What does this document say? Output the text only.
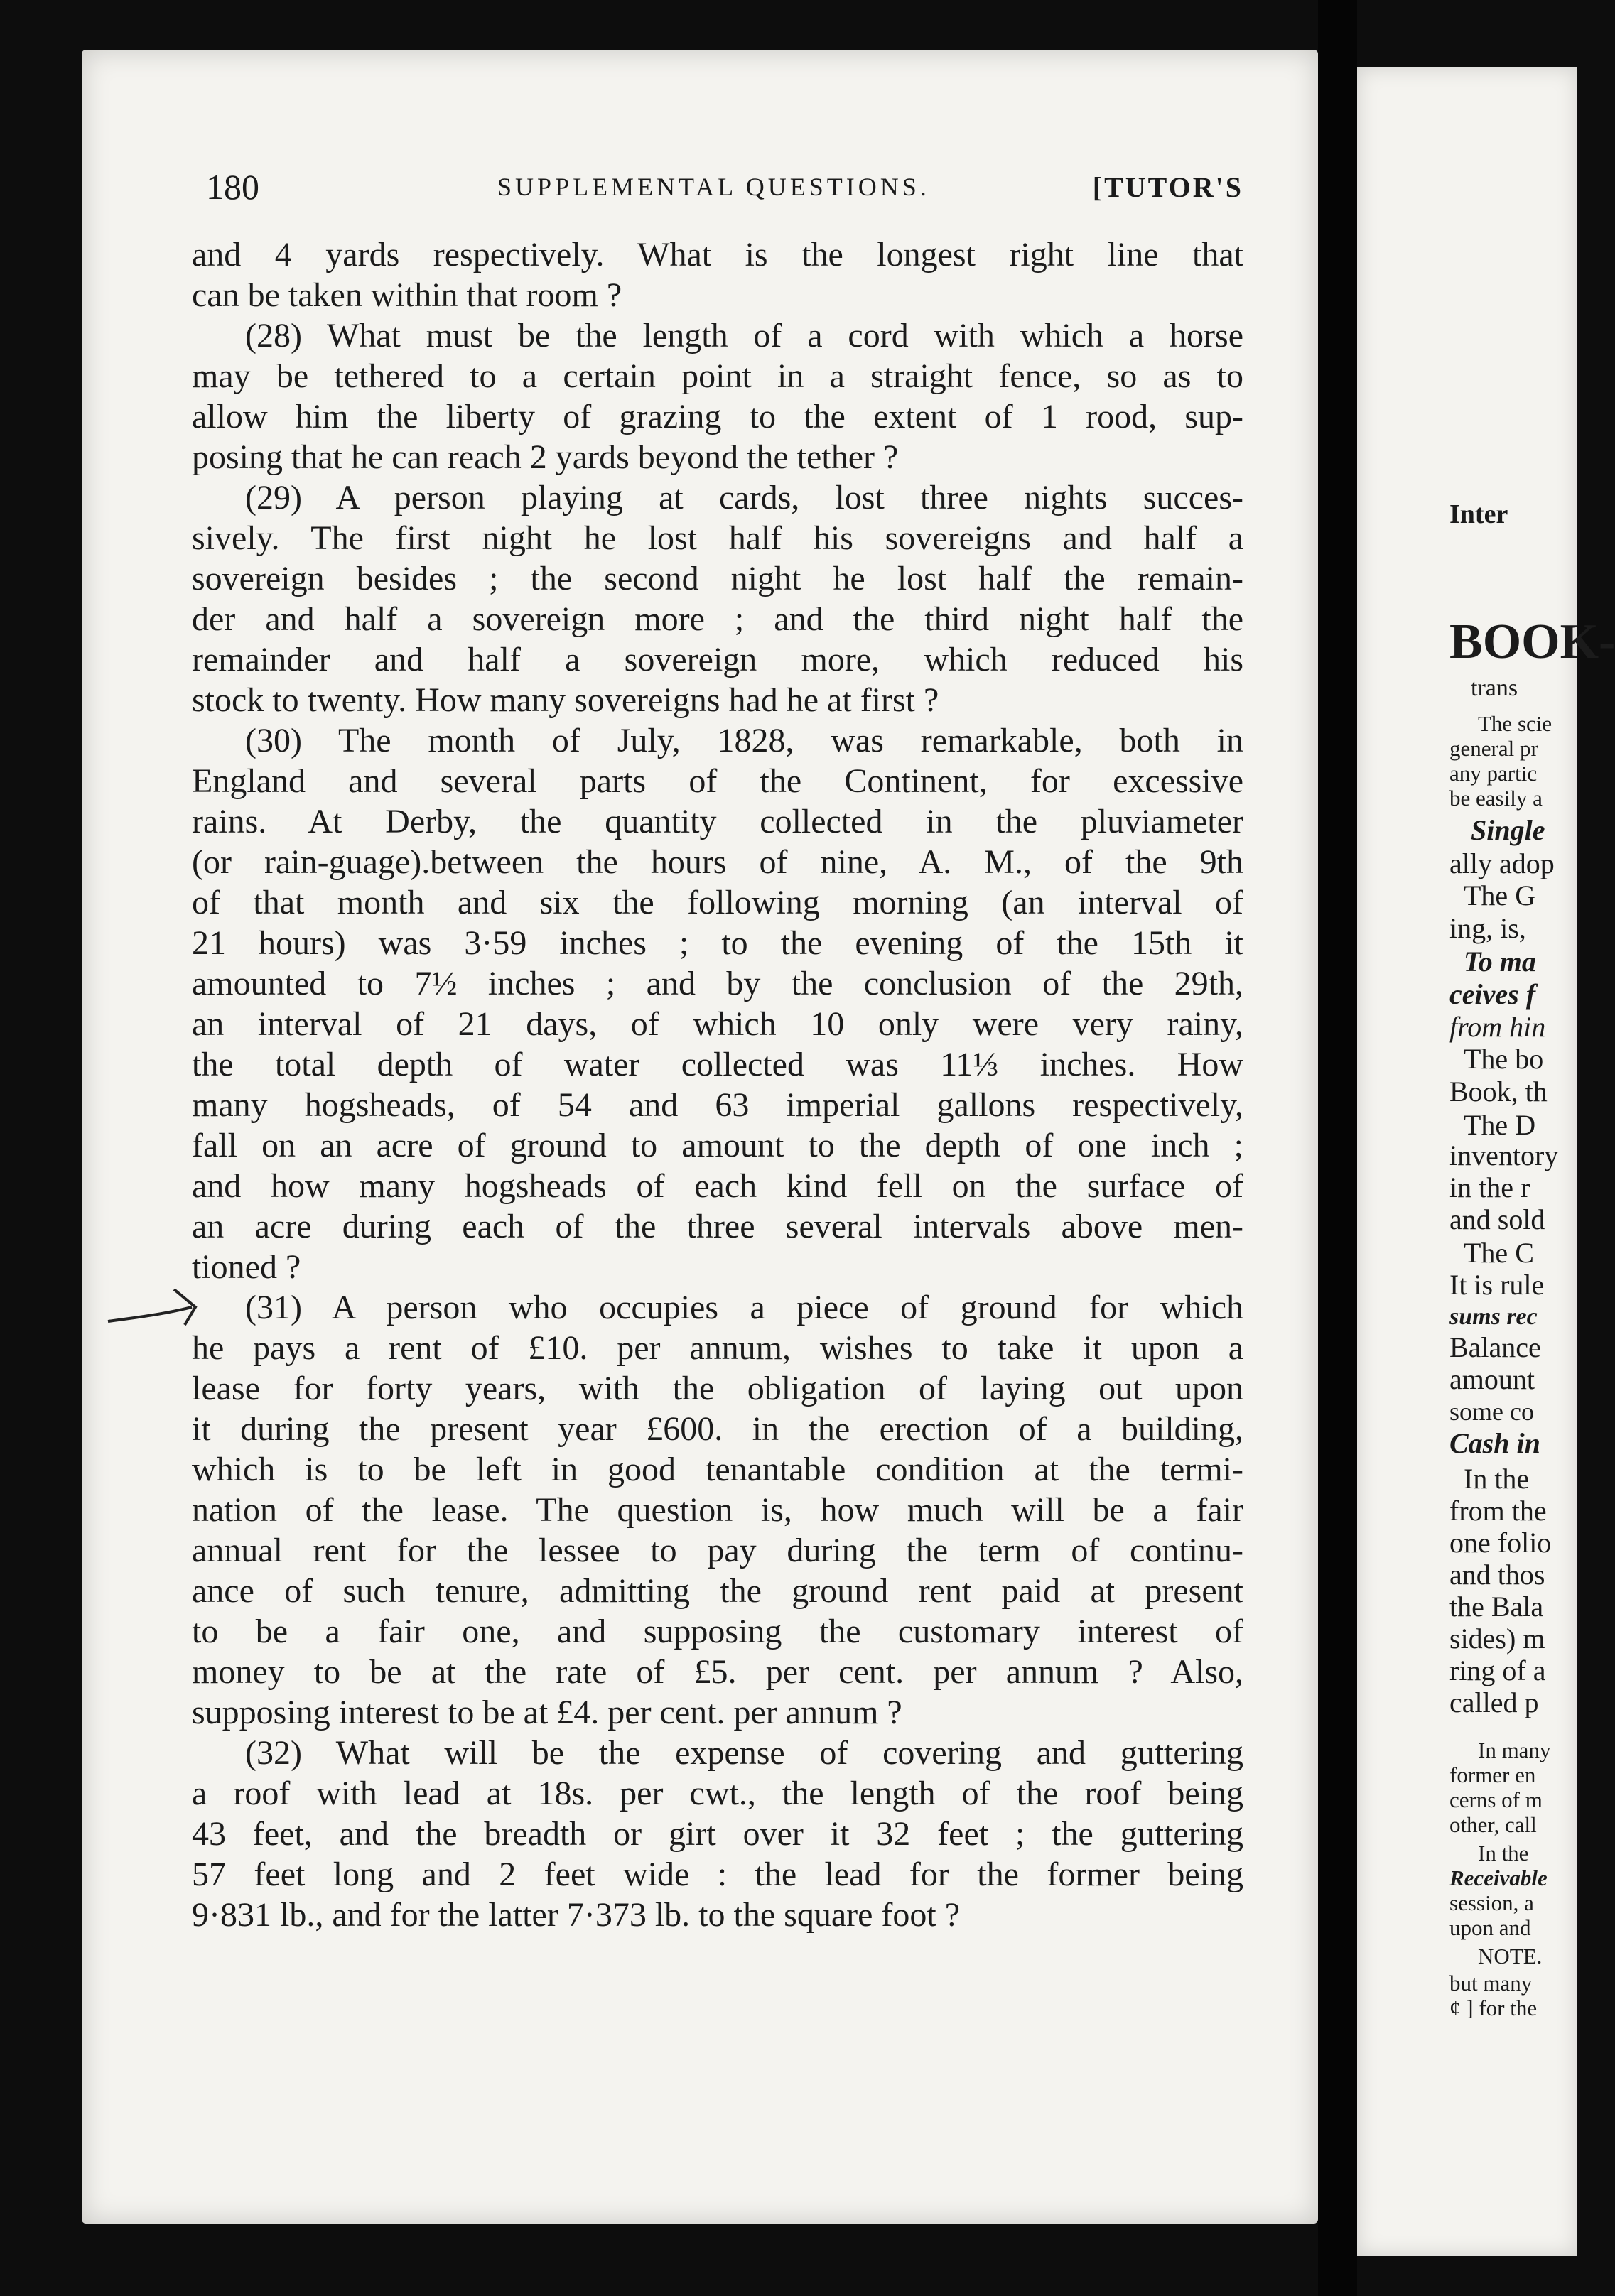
180	SUPPLEMENTAL QUESTIONS.	[TUTOR'S
and 4 yards respectively. What is the longest right line that
can be taken within that room ?
(28) What must be the length of a cord with which a horse
may be tethered to a certain point in a straight fence, so as to
allow him the liberty of grazing to the extent of 1 rood, sup-
posing that he can reach 2 yards beyond the tether ?
(29) A person playing at cards, lost three nights succes-
sively. The first night he lost half his sovereigns and half a
sovereign besides ; the second night he lost half the remain-
der and half a sovereign more ; and the third night half the
remainder and half a sovereign more, which reduced his
stock to twenty. How many sovereigns had he at first ?
(30) The month of July, 1828, was remarkable, both in
England and several parts of the Continent, for excessive
rains. At Derby, the quantity collected in the pluviameter
(or rain-guage).between the hours of nine, A. M., of the 9th
of that month and six the following morning (an interval of
21 hours) was 3·59 inches ; to the evening of the 15th it
amounted to 7½ inches ; and by the conclusion of the 29th,
an interval of 21 days, of which 10 only were very rainy,
the total depth of water collected was 11⅓ inches. How
many hogsheads, of 54 and 63 imperial gallons respectively,
fall on an acre of ground to amount to the depth of one inch ;
and how many hogsheads of each kind fell on the surface of
an acre during each of the three several intervals above men-
tioned ?
(31) A person who occupies a piece of ground for which
he pays a rent of £10. per annum, wishes to take it upon a
lease for forty years, with the obligation of laying out upon
it during the present year £600. in the erection of a building,
which is to be left in good tenantable condition at the termi-
nation of the lease. The question is, how much will be a fair
annual rent for the lessee to pay during the term of continu-
ance of such tenure, admitting the ground rent paid at present
to be a fair one, and supposing the customary interest of
money to be at the rate of £5. per cent. per annum ? Also,
supposing interest to be at £4. per cent. per annum ?
(32) What will be the expense of covering and guttering
a roof with lead at 18s. per cwt., the length of the roof being
43 feet, and the breadth or girt over it 32 feet ; the guttering
57 feet long and 2 feet wide : the lead for the former being
9·831 lb., and for the latter 7·373 lb. to the square foot ?
Inter
BOOK-
trans
The scie
general pr
any partic
be easily a
Single
ally adop
The G
ing, is,
To ma
ceives f
from hin
The bo
Book, th
The D
inventory
in the r
and sold
The C
It is rule
sums rec
Balance
amount
some co
Cash in
In the
from the
one folio
and thos
the Bala
sides) m
ring of a
called p
In many
former en
cerns of m
other, call
In the
Receivable
session, a
upon and
NOTE.
but many
¢ ] for the
